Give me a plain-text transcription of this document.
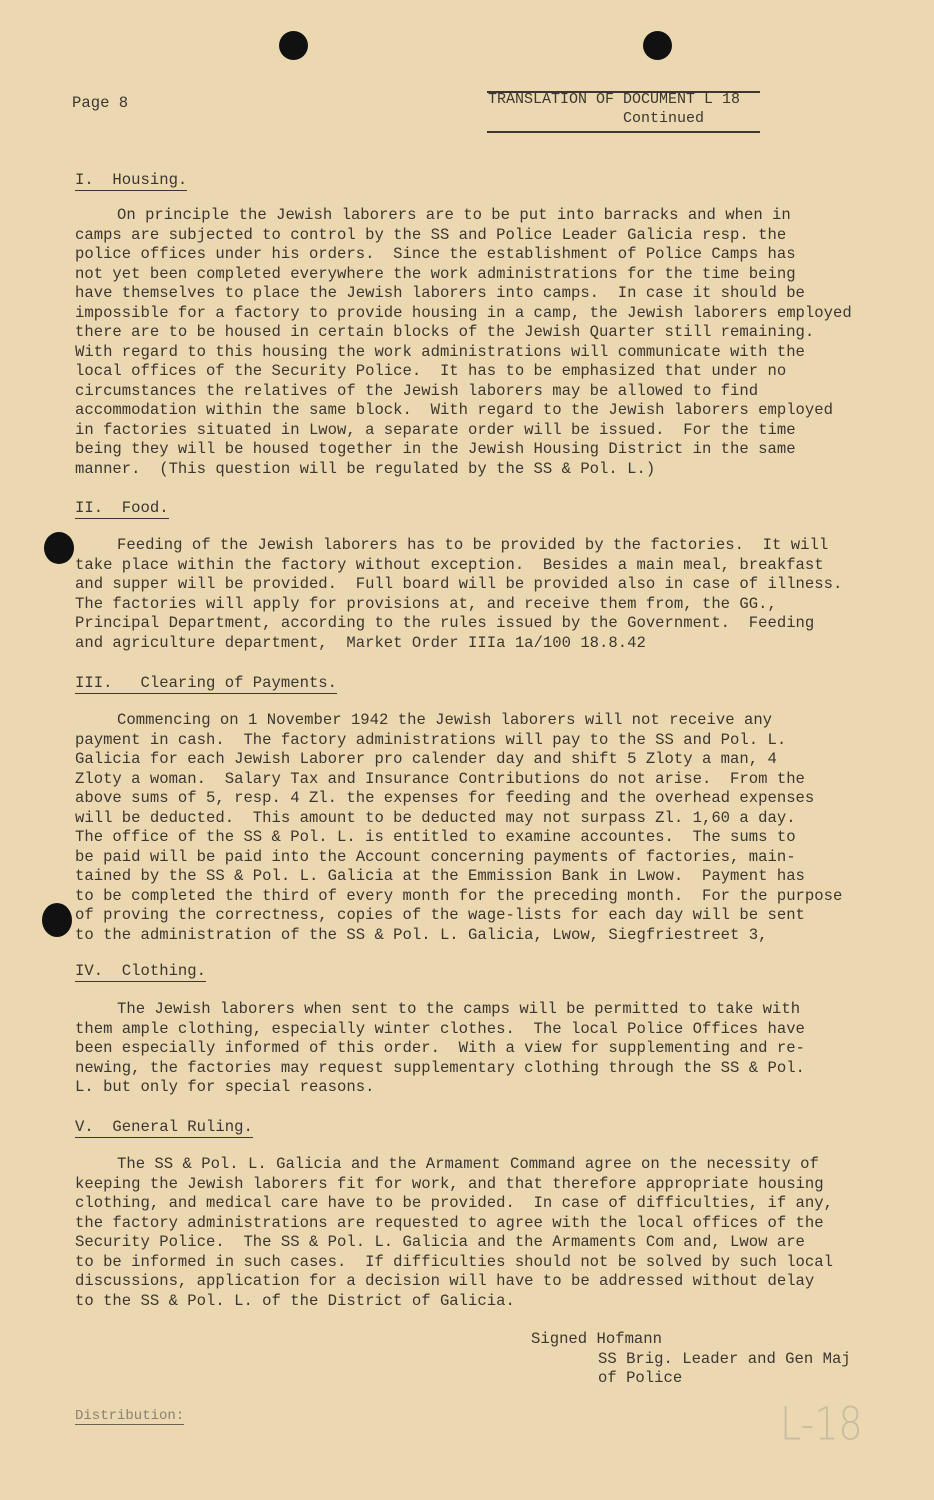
Page 8	TRANSLATION OF DOCUMENT L 18
Continued
I.  Housing.
On principle the Jewish laborers are to be put into barracks and when in
camps are subjected to control by the SS and Police Leader Galicia resp. the
police offices under his orders.  Since the establishment of Police Camps has
not yet been completed everywhere the work administrations for the time being
have themselves to place the Jewish laborers into camps.  In case it should be
impossible for a factory to provide housing in a camp, the Jewish laborers employed
there are to be housed in certain blocks of the Jewish Quarter still remaining.
With regard to this housing the work administrations will communicate with the
local offices of the Security Police.  It has to be emphasized that under no
circumstances the relatives of the Jewish laborers may be allowed to find
accommodation within the same block.  With regard to the Jewish laborers employed
in factories situated in Lwow, a separate order will be issued.  For the time
being they will be housed together in the Jewish Housing District in the same
manner.  (This question will be regulated by the SS & Pol. L.)
II.  Food.
Feeding of the Jewish laborers has to be provided by the factories.  It will
take place within the factory without exception.  Besides a main meal, breakfast
and supper will be provided.  Full board will be provided also in case of illness.
The factories will apply for provisions at, and receive them from, the GG.,
Principal Department, according to the rules issued by the Government.  Feeding
and agriculture department,  Market Order IIIa 1a/100 18.8.42
III.   Clearing of Payments.
Commencing on 1 November 1942 the Jewish laborers will not receive any
payment in cash.  The factory administrations will pay to the SS and Pol. L.
Galicia for each Jewish Laborer pro calender day and shift 5 Zloty a man, 4
Zloty a woman.  Salary Tax and Insurance Contributions do not arise.  From the
above sums of 5, resp. 4 Zl. the expenses for feeding and the overhead expenses
will be deducted.  This amount to be deducted may not surpass Zl. 1,60 a day.
The office of the SS & Pol. L. is entitled to examine accountes.  The sums to
be paid will be paid into the Account concerning payments of factories, main-
tained by the SS & Pol. L. Galicia at the Emmission Bank in Lwow.  Payment has
to be completed the third of every month for the preceding month.  For the purpose
of proving the correctness, copies of the wage-lists for each day will be sent
to the administration of the SS & Pol. L. Galicia, Lwow, Siegfriestreet 3,
IV.  Clothing.
The Jewish laborers when sent to the camps will be permitted to take with
them ample clothing, especially winter clothes.  The local Police Offices have
been especially informed of this order.  With a view for supplementing and re-
newing, the factories may request supplementary clothing through the SS & Pol.
L. but only for special reasons.
V.  General Ruling.
The SS & Pol. L. Galicia and the Armament Command agree on the necessity of
keeping the Jewish laborers fit for work, and that therefore appropriate housing
clothing, and medical care have to be provided.  In case of difficulties, if any,
the factory administrations are requested to agree with the local offices of the
Security Police.  The SS & Pol. L. Galicia and the Armaments Com and, Lwow are
to be informed in such cases.  If difficulties should not be solved by such local
discussions, application for a decision will have to be addressed without delay
to the SS & Pol. L. of the District of Galicia.
Signed Hofmann
SS Brig. Leader and Gen Maj
of Police
Distribution:	L-18
